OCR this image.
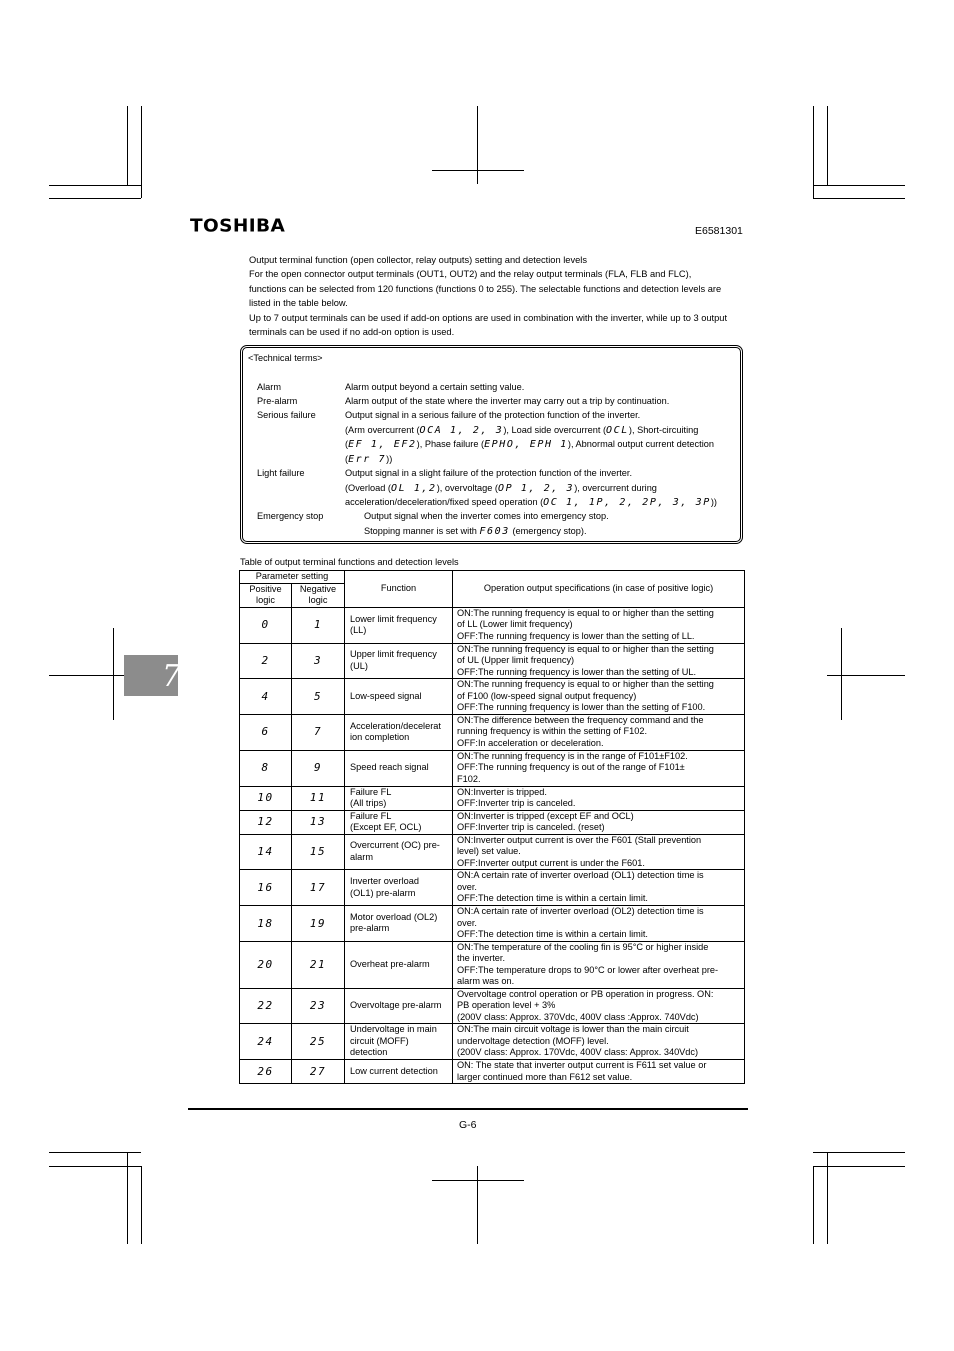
TOSHIBA	E6581301
Output terminal function (open collector, relay outputs) setting and detection levels
For the open connector output terminals (OUT1, OUT2) and the relay output terminals (FLA, FLB and FLC),
functions can be selected from 120 functions (functions 0 to 255). The selectable functions and detection levels are
listed in the table below.
Up to 7 output terminals can be used if add-on options are used in combination with the inverter, while up to 3 output
terminals can be used if no add-on option is used.
<Technical terms>
Alarm	Alarm output beyond a certain setting value.
Pre-alarm	Alarm output of the state where the inverter may carry out a trip by continuation.
Serious failure	Output signal in a serious failure of the protection function of the inverter.
(Arm overcurrent (OCA 1, 2, 3), Load side overcurrent (OCL), Short-circuiting
(EF 1, EF2), Phase failure (EPHO, EPH 1), Abnormal output current detection
(Err 7))
Light failure	Output signal in a slight failure of the protection function of the inverter.
(Overload (OL 1,2), overvoltage (OP 1, 2, 3), overcurrent during
acceleration/deceleration/fixed speed operation (OC 1, 1P, 2, 2P, 3, 3P))
Emergency stop	Output signal when the inverter comes into emergency stop.
Stopping manner is set with F603 (emergency stop).
Table of output terminal functions and detection levels
Parameter setting		Function	Operation output specifications (in case of positive logic)
Positive logic	Negative logic		
0	1	Lower limit frequency
(LL)	ON:The running frequency is equal to or higher than the setting
of LL (Lower limit frequency)
OFF:The running frequency is lower than the setting of LL.

2	3	Upper limit frequency
(UL)	ON:The running frequency is equal to or higher than the setting
of UL (Upper limit frequency)
OFF:The running frequency is lower than the setting of UL.

4	5	Low-speed signal	ON:The running frequency is equal to or higher than the setting
of F100 (low-speed signal output frequency)
OFF:The running frequency is lower than the setting of F100.

6	7	Acceleration/decelerat
ion completion	ON:The difference between the frequency command and the
running frequency is within the setting of F102.
OFF:In acceleration or deceleration.

8	9	Speed reach signal	ON:The running frequency is in the range of F101±F102.
OFF:The running frequency is out of the range of F101±
F102.

10	11	Failure FL
(All trips)	ON:Inverter is tripped.
OFF:Inverter trip is canceled.

12	13	Failure FL
(Except EF, OCL)	ON:Inverter is tripped (except EF and OCL)
OFF:Inverter trip is canceled. (reset)

14	15	Overcurrent (OC) pre-
alarm	ON:Inverter output current is over the F601 (Stall prevention
level) set value.
OFF:Inverter output current is under the F601.

16	17	Inverter overload
(OL1) pre-alarm	ON:A certain rate of inverter overload (OL1) detection time is
over.
OFF:The detection time is within a certain limit.

18	19	Motor overload (OL2)
pre-alarm	ON:A certain rate of inverter overload (OL2) detection time is
over.
OFF:The detection time is within a certain limit.

20	21	Overheat pre-alarm	ON:The temperature of the cooling fin is 95°C or higher inside
the inverter.
OFF:The temperature drops to 90°C or lower after overheat pre-
alarm was on.

22	23	Overvoltage pre-alarm	Overvoltage control operation or PB operation in progress. ON:
PB operation level + 3%
(200V class: Approx. 370Vdc, 400V class :Approx. 740Vdc)

24	25	Undervoltage in main
circuit (MOFF)
detection	ON:The main circuit voltage is lower than the main circuit
undervoltage detection (MOFF) level.
(200V class: Approx. 170Vdc, 400V class: Approx. 340Vdc)

26	27	Low current detection	ON: The state that inverter output current is F611 set value or
larger continued more than F612 set value.
7
G-6
